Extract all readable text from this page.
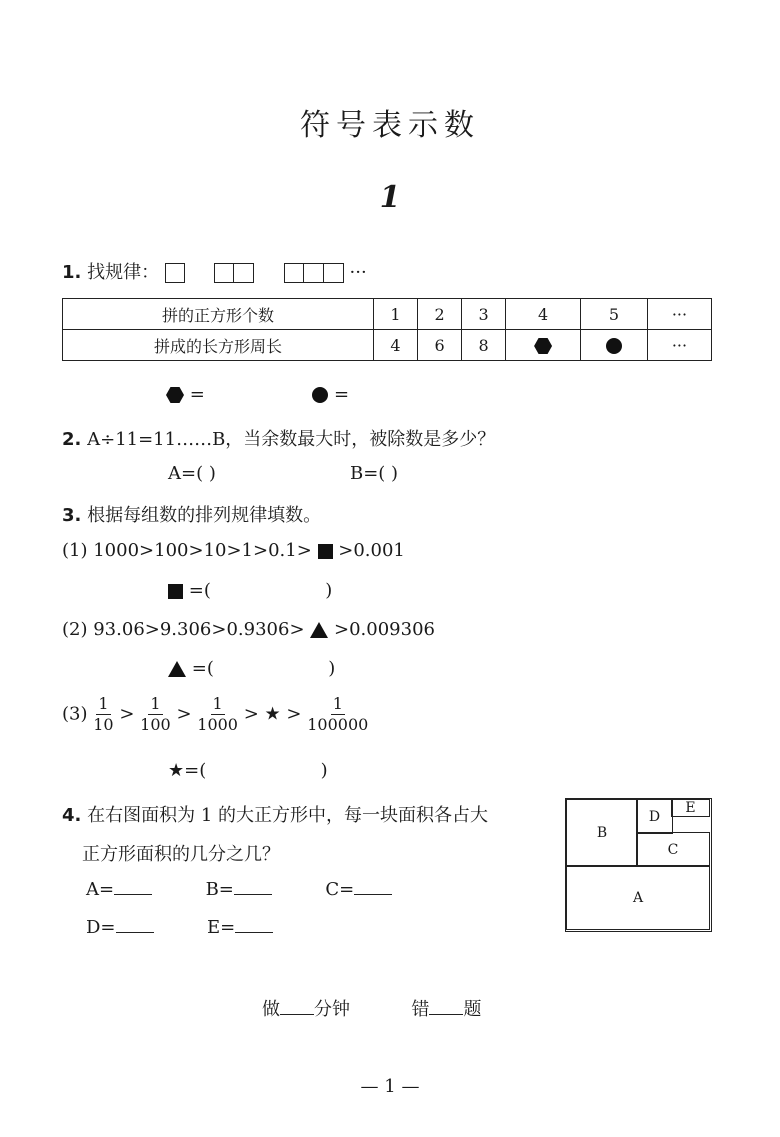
符号表示数
1
1. 找规律：

	···
拼的正方形个数	1	2	3	4	5	···
拼成的长方形周长	4	6	8			···
=	=
2. A÷11=11……B，当余数最大时，被除数是多少？
A=( )	B=( )
3. 根据每组数的排列规律填数。
(1) 1000>100>10>1>0.1> >0.001
=(                    )
(2) 93.06>9.306>0.9306> >0.009306
=(                    )
$(3) \frac{1}{10} > \frac{1}{100} > \frac{1}{1000}$ > ★ > $\frac{1}{100000}$
★=(                    )
4. 在右图面积为 1 的大正方形中，每一块面积各占大
正方形面积的几分之几？
A=	B=	C=
D=	E=
B
D
E
C
A
做 分钟	错 题
— 1 —
